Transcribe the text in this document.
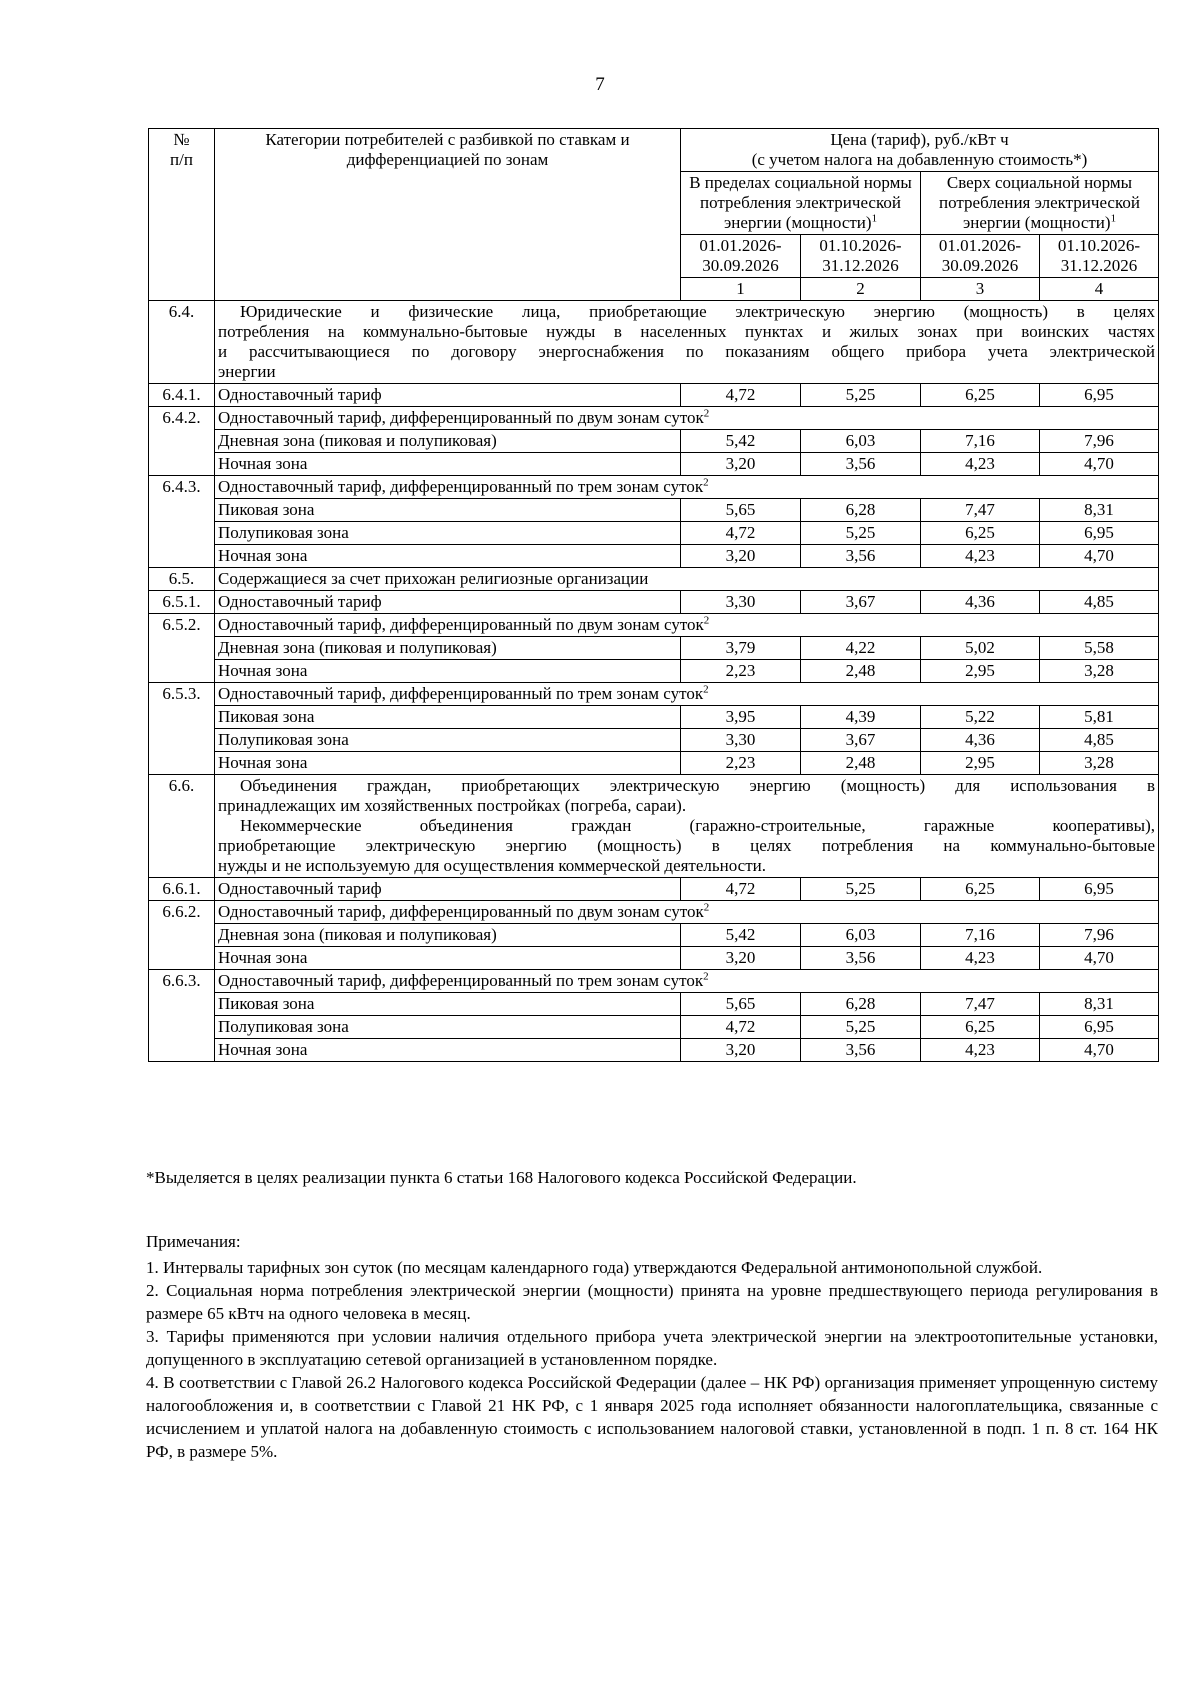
7
№
п/п	Категории потребителей с разбивкой по ставкам и дифференциацией по зонам	Цена (тариф), руб./кВт ч
(с учетом налога на добавленную стоимость*)				
		В пределах социальной нормы потребления электрической энергии (мощности)$^1$		Сверх социальной нормы потребления электрической энергии (мощности)$^1$
		01.01.2026-30.09.2026	01.10.2026-31.12.2026	01.01.2026-30.09.2026	01.10.2026-31.12.2026	
		1	2	3	4		
6.4.	Юридические и физические лица, приобретающие электрическую энергию (мощность) в целях
потребления на коммунально-бытовые нужды в населенных пунктах и жилых зонах при воинских частях
и рассчитывающиеся по договору энергоснабжения по показаниям общего прибора учета электрической
энергии					

6.4.1.	Одноставочный тариф	4,72	5,25	6,25	6,95	
6.4.2.	Одноставочный тариф, дифференцированный по двум зонам суток$^2$
	Дневная зона (пиковая и полупиковая)	5,42	6,03	7,16	7,96	
	Ночная зона	3,20	3,56	4,23	4,70	
6.4.3.	Одноставочный тариф, дифференцированный по трем зонам суток$^2$
	Пиковая зона	5,65	6,28	7,47	8,31	
	Полупиковая зона	4,72	5,25	6,25	6,95	
	Ночная зона	3,20	3,56	4,23	4,70	
6.5.	Содержащиеся за счет прихожан религиозные организации					
6.5.1.	Одноставочный тариф	3,30	3,67	4,36	4,85	
6.5.2.	Одноставочный тариф, дифференцированный по двум зонам суток$^2$
	Дневная зона (пиковая и полупиковая)	3,79	4,22	5,02	5,58	
	Ночная зона	2,23	2,48	2,95	3,28	
6.5.3.	Одноставочный тариф, дифференцированный по трем зонам суток$^2$
	Пиковая зона	3,95	4,39	5,22	5,81	
	Полупиковая зона	3,30	3,67	4,36	4,85	
	Ночная зона	2,23	2,48	2,95	3,28	
6.6.	Объединения граждан, приобретающих электрическую энергию (мощность) для использования в
принадлежащих им хозяйственных постройках (погреба, сараи).
Некоммерческие объединения граждан (гаражно-строительные, гаражные кооперативы),
приобретающие электрическую энергию (мощность) в целях потребления на коммунально-бытовые
нужды и не используемую для осуществления коммерческой деятельности.					

6.6.1.	Одноставочный тариф	4,72	5,25	6,25	6,95	
6.6.2.	Одноставочный тариф, дифференцированный по двум зонам суток$^2$
	Дневная зона (пиковая и полупиковая)	5,42	6,03	7,16	7,96	
	Ночная зона	3,20	3,56	4,23	4,70	
6.6.3.	Одноставочный тариф, дифференцированный по трем зонам суток$^2$
	Пиковая зона	5,65	6,28	7,47	8,31	
	Полупиковая зона	4,72	5,25	6,25	6,95	
	Ночная зона	3,20	3,56	4,23	4,70	
*Выделяется в целях реализации пункта 6 статьи 168 Налогового кодекса Российской Федерации.
Примечания:
1. Интервалы тарифных зон суток (по месяцам календарного года) утверждаются Федеральной антимонопольной службой.
2. Социальная норма потребления электрической энергии (мощности) принята на уровне предшествующего периода регулирования в размере 65 кВтч на одного человека в месяц.
3. Тарифы применяются при условии наличия отдельного прибора учета электрической энергии на электроотопительные установки, допущенного в эксплуатацию сетевой организацией в установленном порядке.
4. В соответствии с Главой 26.2 Налогового кодекса Российской Федерации (далее – НК РФ) организация применяет упрощенную систему налогообложения и, в соответствии с Главой 21 НК РФ, с 1 января 2025 года исполняет обязанности налогоплательщика, связанные с исчислением и уплатой налога на добавленную стоимость с использованием налоговой ставки, установленной в подп. 1 п. 8 ст. 164 НК РФ, в размере 5%.
